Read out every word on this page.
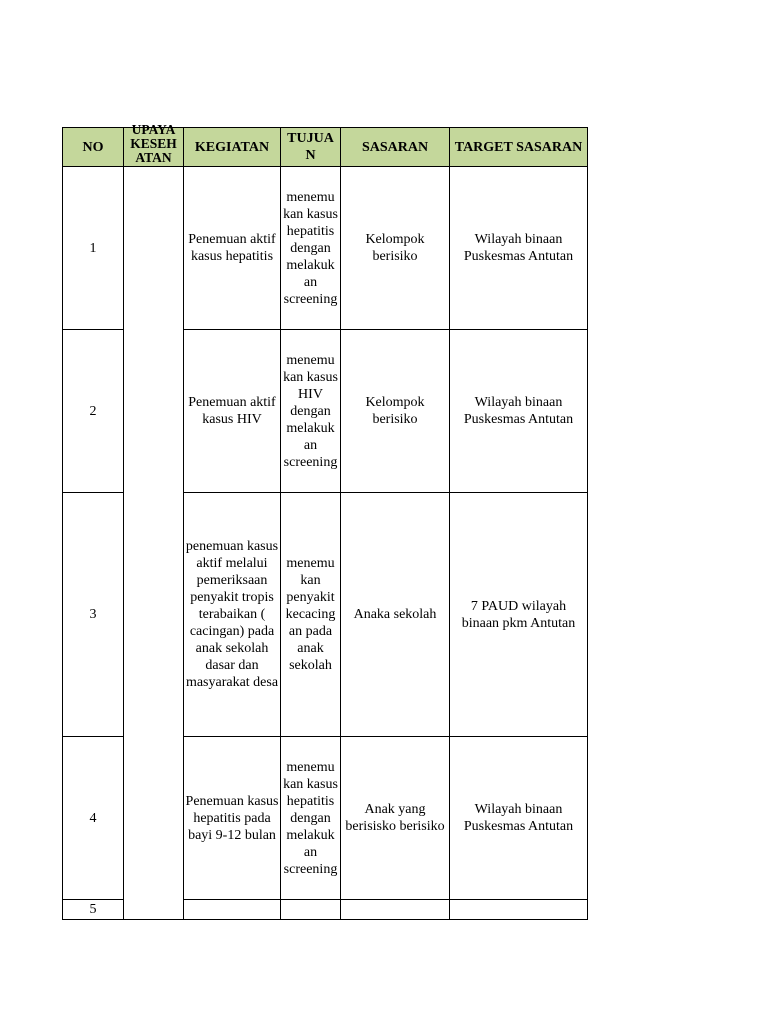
NO	UPAYA KESEH ATAN	KEGIATAN	TUJUA N	SASARAN	TARGET SASARAN
1		Penemuan aktif kasus hepatitis	menemu kan kasus hepatitis dengan melakuk an screening	Kelompok berisiko	Wilayah binaan Puskesmas Antutan
2		Penemuan aktif kasus HIV	menemu kan kasus HIV dengan melakuk an screening	Kelompok berisiko	Wilayah binaan Puskesmas Antutan
3		penemuan kasus aktif melalui pemeriksaan penyakit tropis terabaikan ( cacingan) pada anak sekolah dasar dan masyarakat desa	menemu kan penyakit kecacing an pada anak sekolah	Anaka sekolah	7 PAUD wilayah binaan pkm Antutan
4		Penemuan kasus hepatitis pada bayi 9-12 bulan	menemu kan kasus hepatitis dengan melakuk an screening	Anak yang berisisko berisiko	Wilayah binaan Puskesmas Antutan
5					
